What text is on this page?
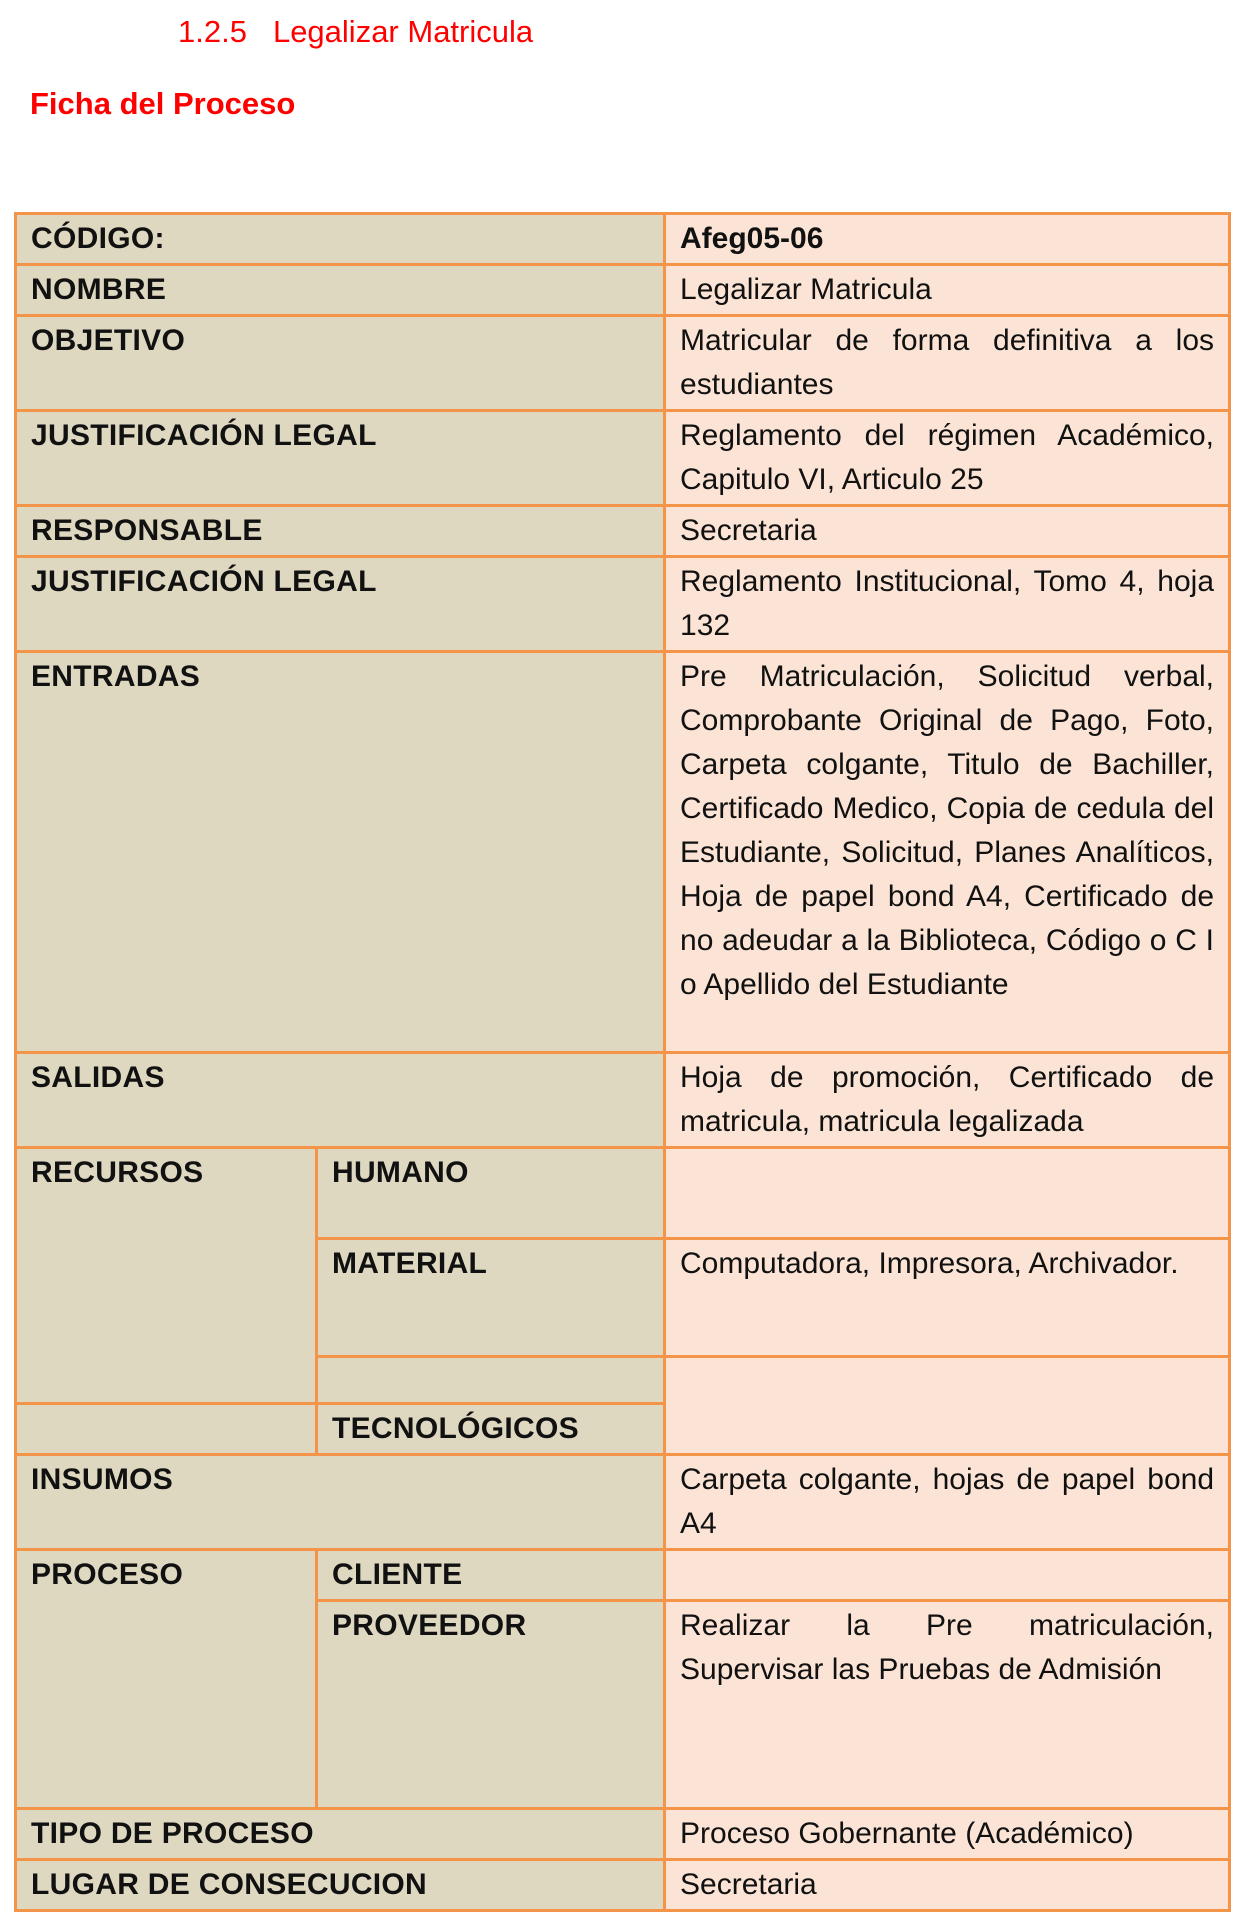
1.2.5 Legalizar Matricula
Ficha del Proceso
CÓDIGO:		Afeg05-06
NOMBRE		Legalizar Matricula
OBJETIVO		Matricular de forma definitiva a los estudiantes
JUSTIFICACIÓN LEGAL		Reglamento del régimen Académico, Capitulo VI, Articulo 25
RESPONSABLE		Secretaria
JUSTIFICACIÓN LEGAL		Reglamento Institucional, Tomo 4, hoja 132
ENTRADAS		Pre Matriculación, Solicitud verbal, Comprobante Original de Pago, Foto, Carpeta colgante, Titulo de Bachiller, Certificado Medico, Copia de cedula del Estudiante, Solicitud, Planes Analíticos, Hoja de papel bond A4, Certificado de no adeudar a la Biblioteca, Código o C I o Apellido del Estudiante
SALIDAS		Hoja de promoción, Certificado de matricula, matricula legalizada
RECURSOS	HUMANO	
	MATERIAL	Computadora, Impresora, Archivador.

	TECNOLÓGICOS	
INSUMOS		Carpeta colgante, hojas de papel bond A4
PROCESO	CLIENTE	
	PROVEEDOR	Realizar la Pre matriculación, Supervisar las Pruebas de Admisión
TIPO DE PROCESO		Proceso Gobernante (Académico)
LUGAR DE CONSECUCION		Secretaria
